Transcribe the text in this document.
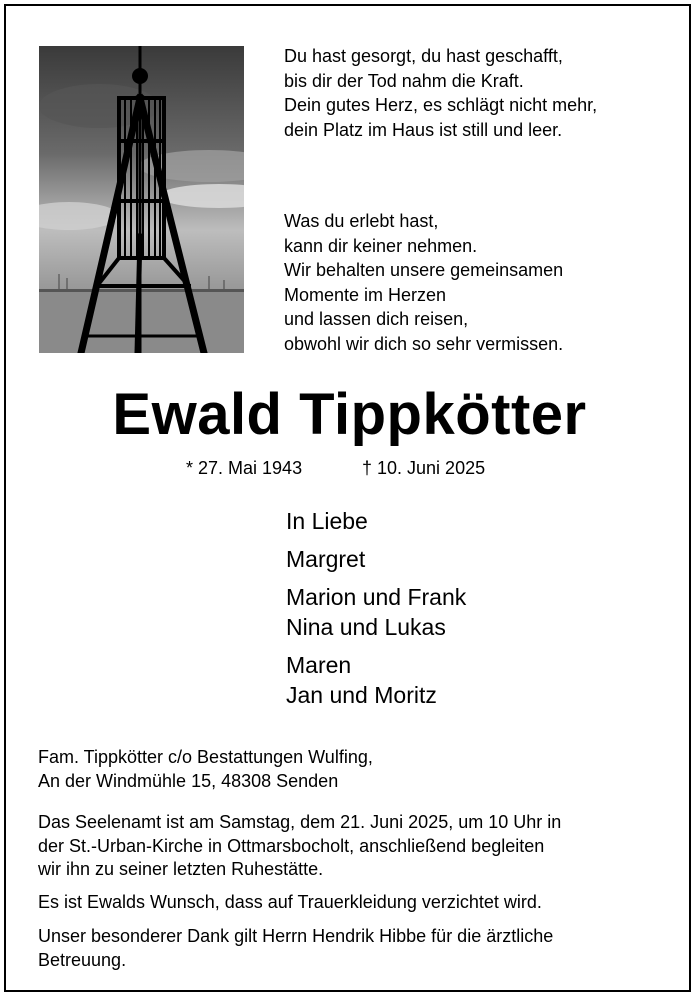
Du hast gesorgt, du hast geschafft,
bis dir der Tod nahm die Kraft.
Dein gutes Herz, es schlägt nicht mehr,
dein Platz im Haus ist still und leer.
Was du erlebt hast,
kann dir keiner nehmen.
Wir behalten unsere gemeinsamen
Momente im Herzen
und lassen dich reisen,
obwohl wir dich so sehr vermissen.
Ewald Tippkötter
* 27. Mai 1943	† 10. Juni 2025
In Liebe
Margret
Marion und Frank
Nina und Lukas
Maren
Jan und Moritz
Fam. Tippkötter c/o Bestattungen Wulfing,
An der Windmühle 15, 48308 Senden
Das Seelenamt ist am Samstag, dem 21. Juni 2025, um 10 Uhr in
der St.-Urban-Kirche in Ottmarsbocholt, anschließend begleiten
wir ihn zu seiner letzten Ruhestätte.
Es ist Ewalds Wunsch, dass auf Trauerkleidung verzichtet wird.
Unser besonderer Dank gilt Herrn Hendrik Hibbe für die ärztliche
Betreuung.
